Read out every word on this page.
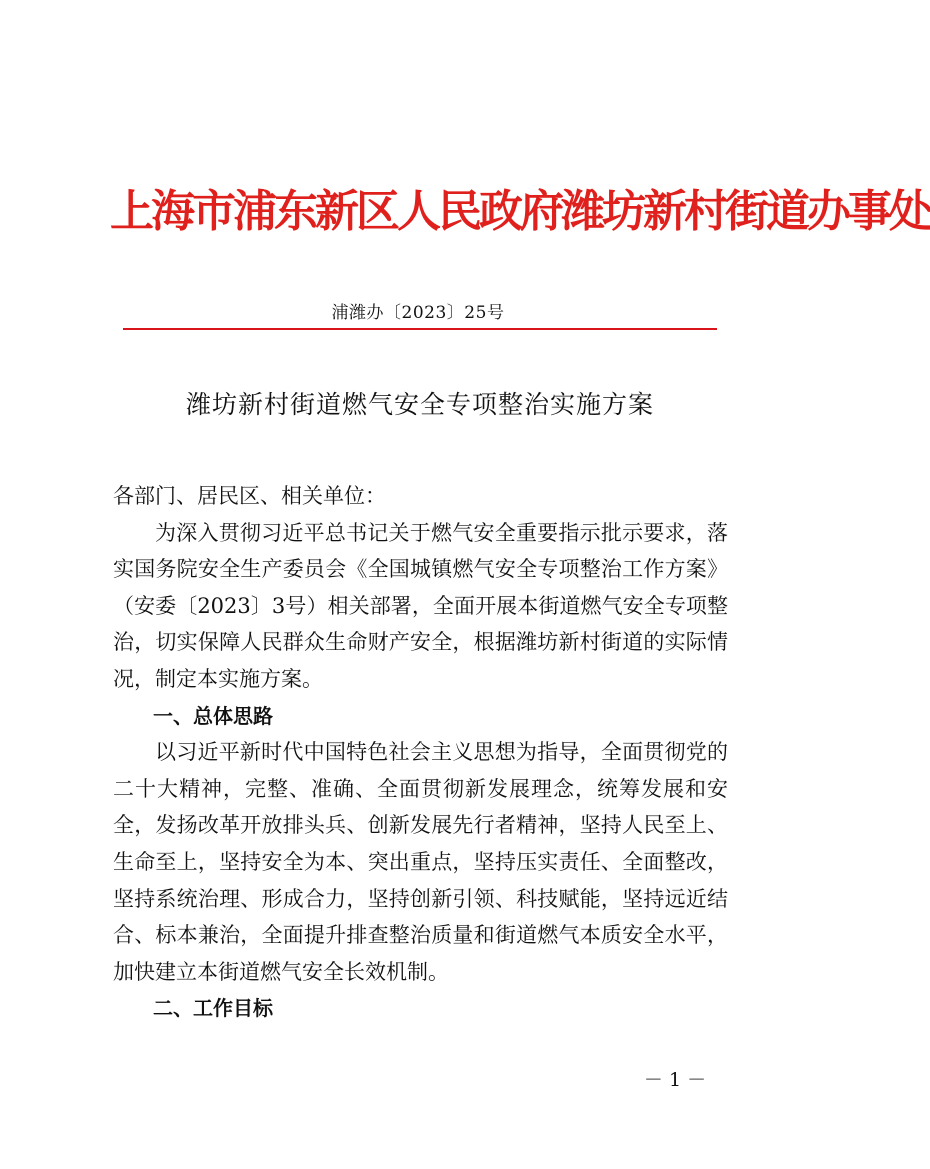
上海市浦东新区人民政府潍坊新村街道办事处
浦潍办〔2023〕25号
潍坊新村街道燃气安全专项整治实施方案

各部门、居民区、相关单位：

为深入贯彻习近平总书记关于燃气安全重要指示批示要求，落实国务院安全生产委员会《全国城镇燃气安全专项整治工作方案》（安委〔2023〕3号）相关部署，全面开展本街道燃气安全专项整治，切实保障人民群众生命财产安全，根据潍坊新村街道的实际情况，制定本实施方案。

一、总体思路

以习近平新时代中国特色社会主义思想为指导，全面贯彻党的二十大精神，完整、准确、全面贯彻新发展理念，统筹发展和安全，发扬改革开放排头兵、创新发展先行者精神，坚持人民至上、生命至上，坚持安全为本、突出重点，坚持压实责任、全面整改，坚持系统治理、形成合力，坚持创新引领、科技赋能，坚持远近结合、标本兼治，全面提升排查整治质量和街道燃气本质安全水平，加快建立本街道燃气安全长效机制。

二、工作目标

－ 1 －
